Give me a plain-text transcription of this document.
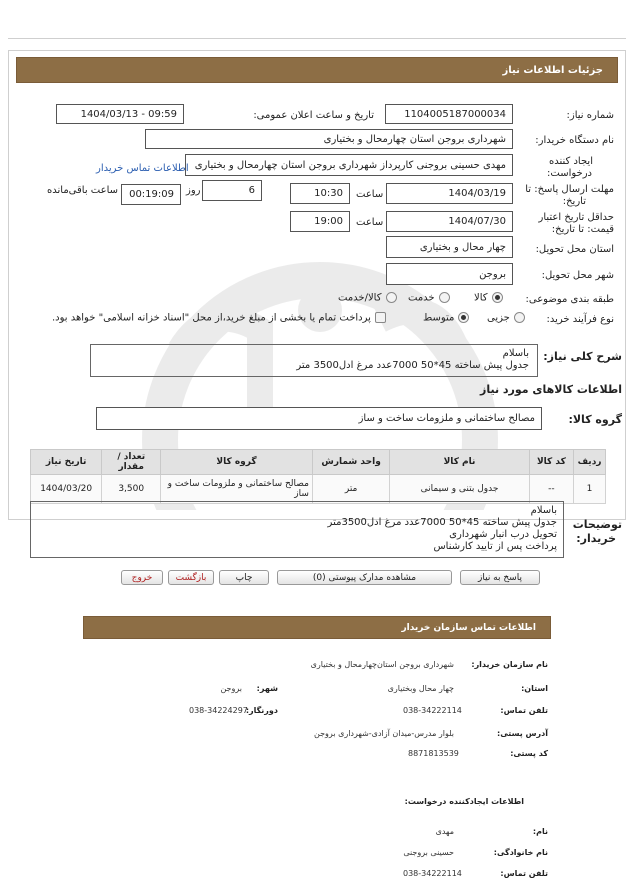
جزئیات اطلاعات نیاز
شماره نیاز:
1104005187000034
تاریخ و ساعت اعلان عمومی:
1404/03/13 - 09:59
نام دستگاه خریدار:
شهرداری بروجن استان چهارمحال و بختیاری
ایجاد کننده
درخواست:
مهدی حسینی بروجنی کارپرداز شهرداری بروجن استان چهارمحال و بختیاری
اطلاعات تماس خریدار
مهلت ارسال پاسخ: تا
تاریخ:
1404/03/19
ساعت
10:30
6
روز
00:19:09
ساعت باقی‌مانده
حداقل تاریخ اعتبار
قیمت: تا تاریخ:
1404/07/30
ساعت
19:00
استان محل تحویل:
چهار محال و بختیاری
شهر محل تحویل:
بروجن
طبقه بندی موضوعی:
کالا
خدمت
کالا/خدمت
نوع فرآیند خرید:
جزیی
متوسط
پرداخت تمام یا بخشی از مبلغ خرید،از محل "اسناد خزانه اسلامی" خواهد بود.
شرح کلی نیاز:
باسلام
جدول پیش ساخته 45*50 7000عدد مرغ ادل3500 متر
اطلاعات کالاهای مورد نیاز
گروه کالا:
مصالح ساختمانی و ملزومات ساخت و ساز
ردیف	کد کالا	نام کالا	واحد شمارش	گروه کالا	تعداد / مقدار	تاریخ نیاز
1	--	جدول بتنی و سیمانی	متر	مصالح ساختمانی و ملزومات ساخت و ساز	3,500	1404/03/20
توضیحات
خریدار:
باسلام
جدول پیش ساخته 45*50 7000عدد مرغ ادل3500متر
تحویل درب انبار شهرداری
پرداخت پس از تایید کارشناس
پاسخ به نیاز
مشاهده مدارک پیوستی (0)
چاپ
بازگشت
خروج
اطلاعات تماس سازمان خریدار
نام سازمان خریدار:
شهرداری بروجن استان‌چهارمحال و بختیاری
استان:
چهار محال وبختیاری
شهر:
بروجن
تلفن تماس:
038-34222114
دورنگار:
038-34224297
آدرس پستی:
بلوار مدرس-میدان آزادی-شهرداری بروجن
کد پستی:
8871813539
اطلاعات ایجادکننده درخواست:
نام:
مهدی
نام خانوادگی:
حسینی بروجنی
تلفن تماس:
038-34222114
